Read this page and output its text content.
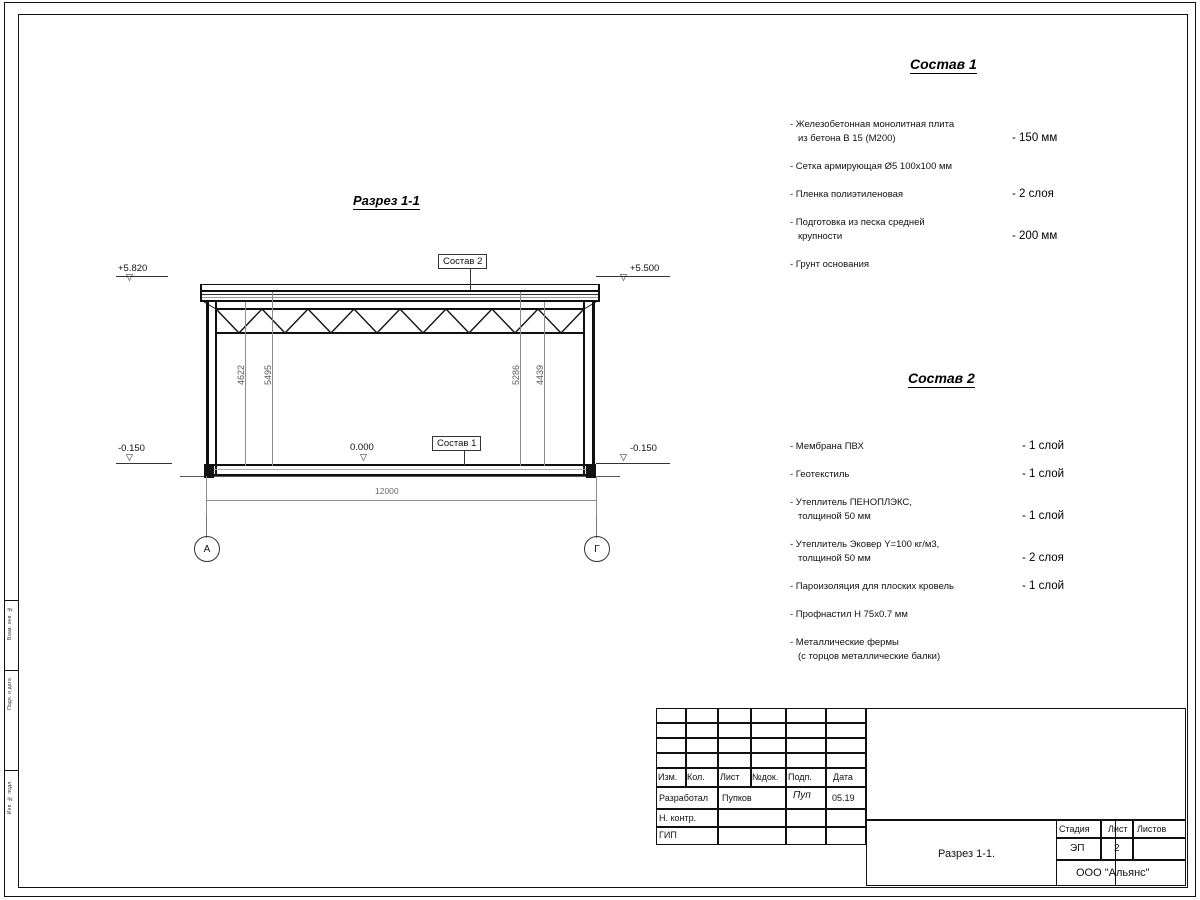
Взам. инв. №
Подп. и дата
Инв. № подл.
Состав 1
- Железобетонная монолитная плита

из бетона В 15 (М200)	- 150 мм
- Сетка армирующая Ø5 100х100 мм
- Пленка полиэтиленовая	- 2 слоя
- Подготовка из песка средней

крупности	- 200 мм
- Грунт основания
Состав 2
- Мембрана ПВХ	- 1 слой
- Геотекстиль	- 1 слой
- Утеплитель ПЕНОПЛЭКС,

толщиной 50 мм	- 1 слой
- Утеплитель Эковер Y=100 кг/м3,

толщиной 50 мм	- 2 слоя
- Пароизоляция для плоских кровель	- 1 слой
- Профнастил Н 75х0.7 мм
- Металлические фермы

(с торцов металлические балки)
Разрез 1-1
+5.820
▽
+5.500
▽
-0.150
▽
-0.150
▽
0.000
▽
Состав 2
Состав 1
4622 5495	5286 4439
12000
А	Г
Изм. Кол. Лист №док. Подп. Дата
Разработал Пупков	Пуп 05.19
Н. контр.
ГИП
Разрез 1-1.
Стадия Лист Листов
ЭП	2
ООО "Альянс"
